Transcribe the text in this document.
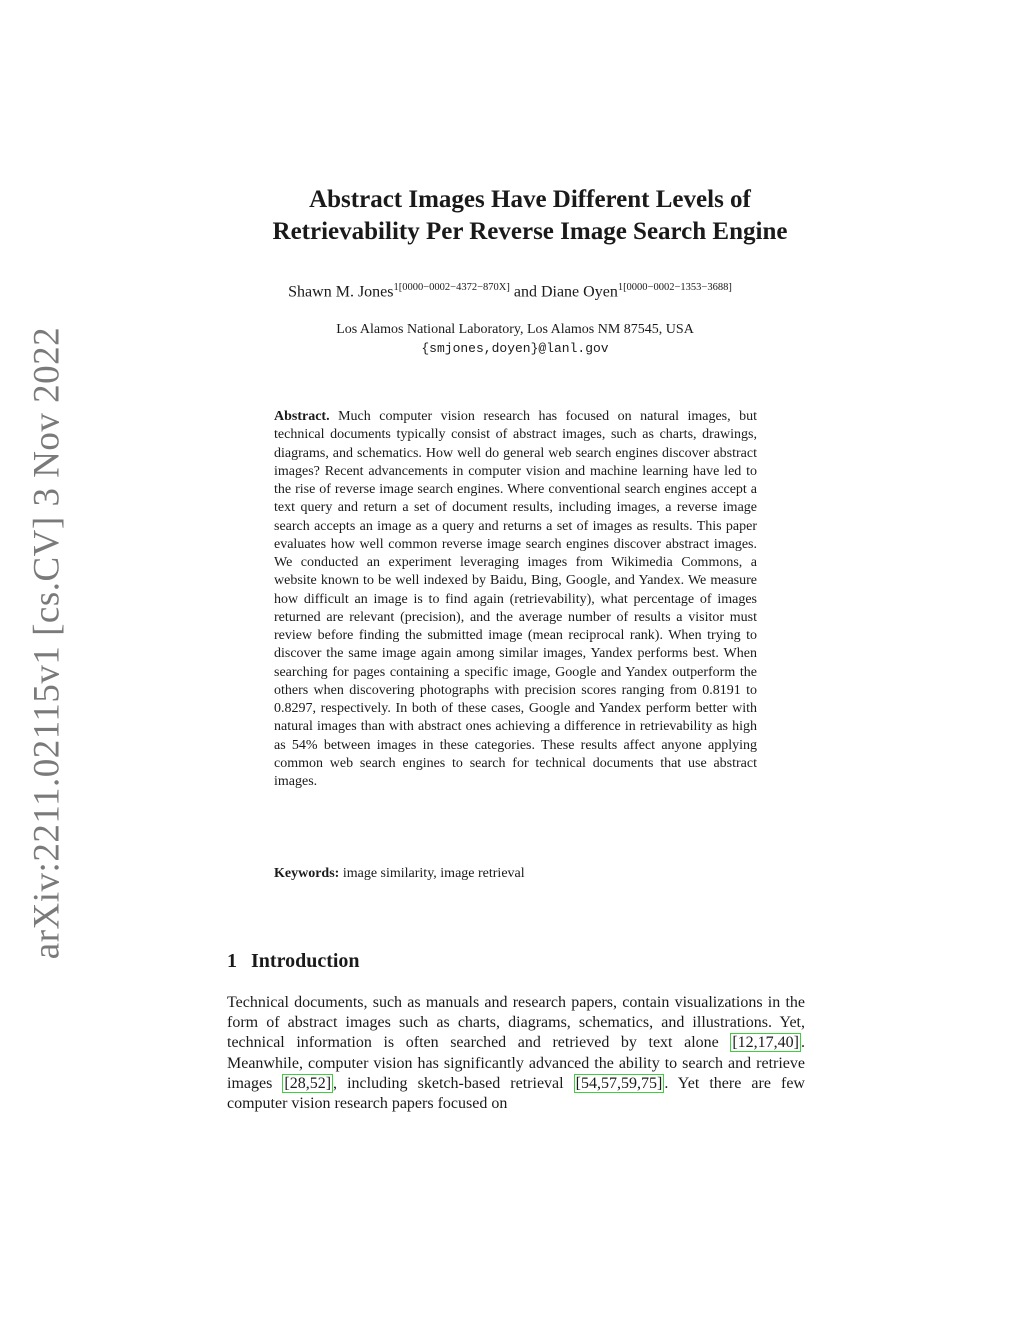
arXiv:2211.02115v1 [cs.CV] 3 Nov 2022
Abstract Images Have Different Levels of
Retrievability Per Reverse Image Search Engine
Shawn M. Jones$^{1[0000-0002-4372-870X]}$ and Diane Oyen$^{1[0000-0002-1353-3688]}$
Los Alamos National Laboratory, Los Alamos NM 87545, USA
{smjones,doyen}@lanl.gov
Abstract. Much computer vision research has focused on natural images, but technical documents typically consist of abstract images, such as charts, drawings, diagrams, and schematics. How well do general web search engines discover abstract images? Recent advancements in computer vision and machine learning have led to the rise of reverse image search engines. Where conventional search engines accept a text query and return a set of document results, including images, a reverse image search accepts an image as a query and returns a set of images as results. This paper evaluates how well common reverse image search engines discover abstract images. We conducted an experiment leveraging images from Wikimedia Commons, a website known to be well indexed by Baidu, Bing, Google, and Yandex. We measure how difficult an image is to find again (retrievability), what percentage of images returned are relevant (precision), and the average number of results a visitor must review before finding the submitted image (mean reciprocal rank). When trying to discover the same image again among similar images, Yandex performs best. When searching for pages containing a specific image, Google and Yandex outperform the others when discovering photographs with precision scores ranging from 0.8191 to 0.8297, respectively. In both of these cases, Google and Yandex perform better with natural images than with abstract ones achieving a difference in retrievability as high as 54% between images in these categories. These results affect anyone applying common web search engines to search for technical documents that use abstract images.
Keywords: image similarity, image retrieval
1 Introduction
Technical documents, such as manuals and research papers, contain visualizations in the form of abstract images such as charts, diagrams, schematics, and illustrations. Yet, technical information is often searched and retrieved by text alone [12,17,40] . Meanwhile, computer vision has significantly advanced the ability to search and retrieve images [28,52] , including sketch-based retrieval [54,57,59,75] . Yet there are few computer vision research papers focused on
